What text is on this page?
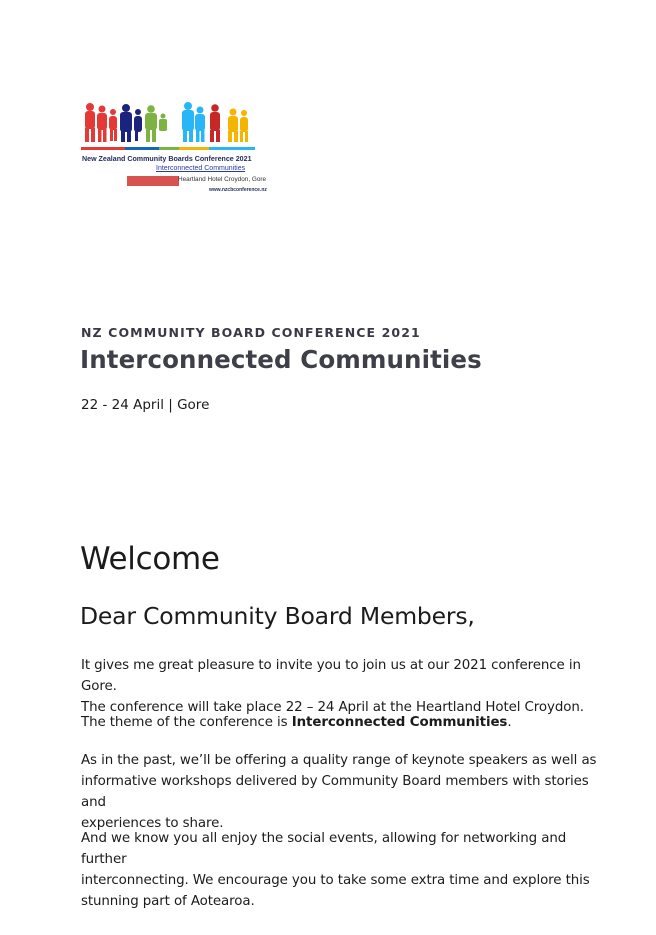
New Zealand Community Boards Conference 2021
Interconnected Communities
Heartland Hotel Croydon, Gore
www.nzcbconference.nz
NZ COMMUNITY BOARD CONFERENCE 2021
Interconnected Communities
22 - 24 April | Gore
Welcome
Dear Community Board Members,

It gives me great pleasure to invite you to join us at our 2021 conference in Gore.
The conference will take place 22 – 24 April at the Heartland Hotel Croydon.

The theme of the conference is Interconnected Communities.

As in the past, we’ll be offering a quality range of keynote speakers as well as
informative workshops delivered by Community Board members with stories and
experiences to share.

And we know you all enjoy the social events, allowing for networking and further
interconnecting. We encourage you to take some extra time and explore this
stunning part of Aotearoa.
